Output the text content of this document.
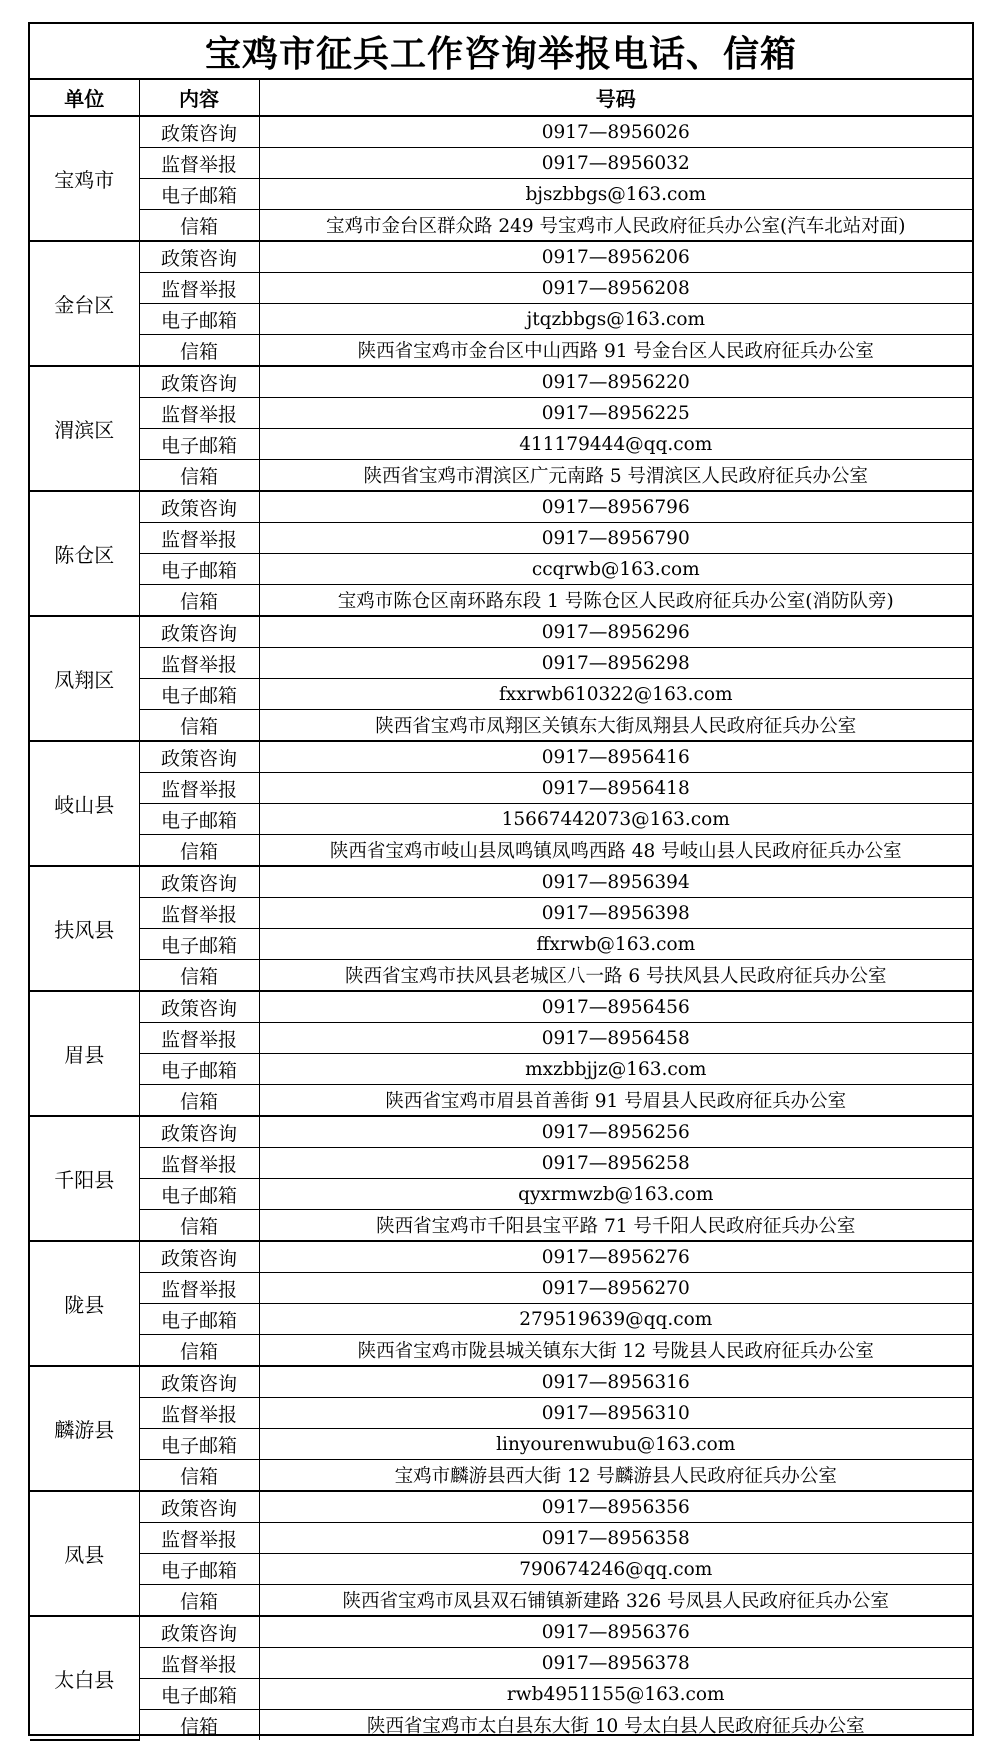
宝鸡市征兵工作咨询举报电话、信箱
单位	内容	号码
宝鸡市	政策咨询	0917—8956026
	监督举报	0917—8956032
	电子邮箱	bjszbbgs@163.com
	信箱	宝鸡市金台区群众路 249 号宝鸡市人民政府征兵办公室(汽车北站对面)
金台区	政策咨询	0917—8956206
	监督举报	0917—8956208
	电子邮箱	jtqzbbgs@163.com
	信箱	陕西省宝鸡市金台区中山西路 91 号金台区人民政府征兵办公室
渭滨区	政策咨询	0917—8956220
	监督举报	0917—8956225
	电子邮箱	411179444@qq.com
	信箱	陕西省宝鸡市渭滨区广元南路 5 号渭滨区人民政府征兵办公室
陈仓区	政策咨询	0917—8956796
	监督举报	0917—8956790
	电子邮箱	ccqrwb@163.com
	信箱	宝鸡市陈仓区南环路东段 1 号陈仓区人民政府征兵办公室(消防队旁)
凤翔区	政策咨询	0917—8956296
	监督举报	0917—8956298
	电子邮箱	fxxrwb610322@163.com
	信箱	陕西省宝鸡市凤翔区关镇东大街凤翔县人民政府征兵办公室
岐山县	政策咨询	0917—8956416
	监督举报	0917—8956418
	电子邮箱	15667442073@163.com
	信箱	陕西省宝鸡市岐山县凤鸣镇凤鸣西路 48 号岐山县人民政府征兵办公室
扶风县	政策咨询	0917—8956394
	监督举报	0917—8956398
	电子邮箱	ffxrwb@163.com
	信箱	陕西省宝鸡市扶风县老城区八一路 6 号扶风县人民政府征兵办公室
眉县	政策咨询	0917—8956456
	监督举报	0917—8956458
	电子邮箱	mxzbbjjz@163.com
	信箱	陕西省宝鸡市眉县首善街 91 号眉县人民政府征兵办公室
千阳县	政策咨询	0917—8956256
	监督举报	0917—8956258
	电子邮箱	qyxrmwzb@163.com
	信箱	陕西省宝鸡市千阳县宝平路 71 号千阳人民政府征兵办公室
陇县	政策咨询	0917—8956276
	监督举报	0917—8956270
	电子邮箱	279519639@qq.com
	信箱	陕西省宝鸡市陇县城关镇东大街 12 号陇县人民政府征兵办公室
麟游县	政策咨询	0917—8956316
	监督举报	0917—8956310
	电子邮箱	linyourenwubu@163.com
	信箱	宝鸡市麟游县西大街 12 号麟游县人民政府征兵办公室
凤县	政策咨询	0917—8956356
	监督举报	0917—8956358
	电子邮箱	790674246@qq.com
	信箱	陕西省宝鸡市凤县双石铺镇新建路 326 号凤县人民政府征兵办公室
太白县	政策咨询	0917—8956376
	监督举报	0917—8956378
	电子邮箱	rwb4951155@163.com
	信箱	陕西省宝鸡市太白县东大街 10 号太白县人民政府征兵办公室
